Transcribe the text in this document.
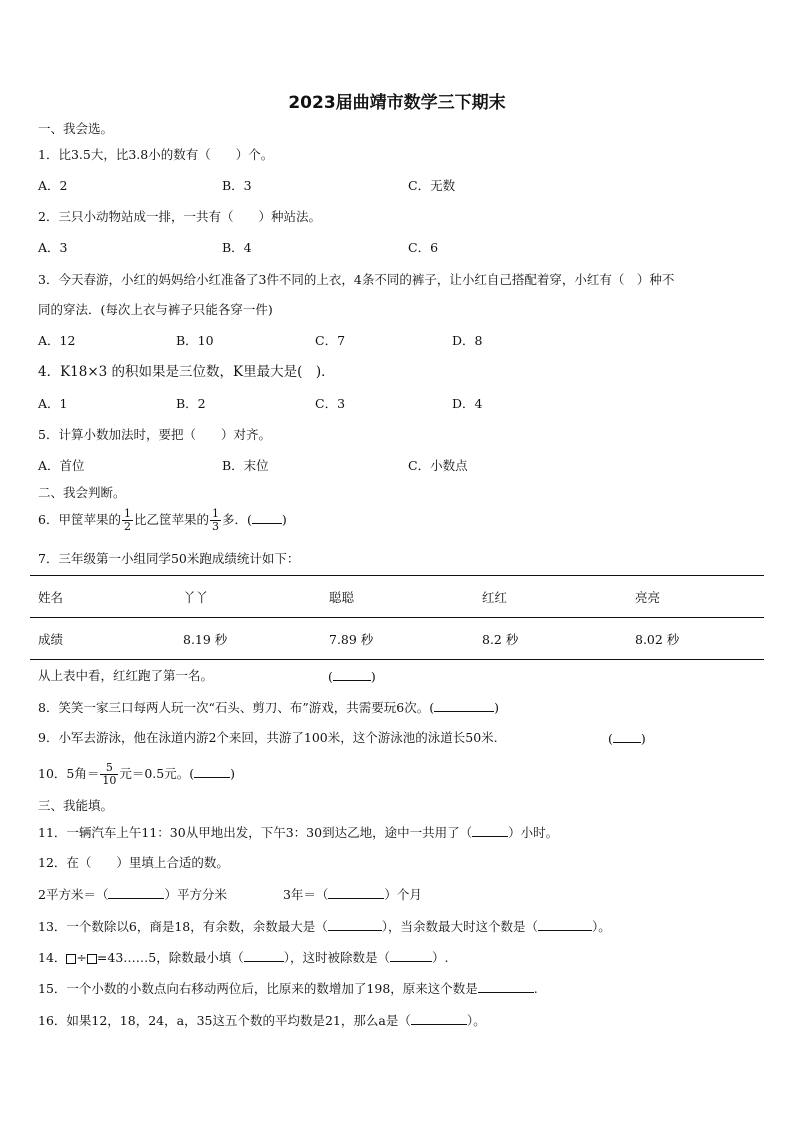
2023届曲靖市数学三下期末
一、我会选。
1．比3.5大，比3.8小的数有（　　）个。
A．2	B．3	C．无数
2．三只小动物站成一排，一共有（　　）种站法。
A．3	B．4	C．6
3．今天春游，小红的妈妈给小红准备了3件不同的上衣，4条不同的裤子，让小红自己搭配着穿，小红有（　）种不
同的穿法．(每次上衣与裤子只能各穿一件)
A．12	B．10	C．7	D．8
4．K18×3 的积如果是三位数，K里最大是(　)．
A．1	B．2	C．3	D．4
5．计算小数加法时，要把（　　）对齐。
A．首位	B．末位	C．小数点
二、我会判断。
6．甲筐苹果的 $\frac{1}{2}$ 比乙筐苹果的 $\frac{1}{3}$ 多．( )
7．三年级第一小组同学50米跑成绩统计如下：
姓名	丫丫	聪聪	红红	亮亮
成绩	8.19 秒	7.89 秒	8.2 秒	8.02 秒
从上表中看，红红跑了第一名。	(	)
8．笑笑一家三口每两人玩一次“石头、剪刀、布”游戏，共需要玩6次。(	)
9．小军去游泳，他在泳道内游2个来回，共游了100米，这个游泳池的泳道长50米.	( )
10．5角＝ $\frac{5}{10}$ 元＝0.5元。(	)
三、我能填。
11．一辆汽车上午11：30从甲地出发，下午3：30到达乙地，途中一共用了（	）小时。
12．在（　　）里填上合适的数。
2平方米＝（	）平方分米	3年＝（	）个月
13．一个数除以6，商是18，有余数，余数最大是（	），当余数最大时这个数是（	）。
14． ÷ =43……5，除数最小填（	），这时被除数是（	）.
15．一个小数的小数点向右移动两位后，比原来的数增加了198，原来这个数是	.
16．如果12，18，24，a，35这五个数的平均数是21，那么a是（	）。
